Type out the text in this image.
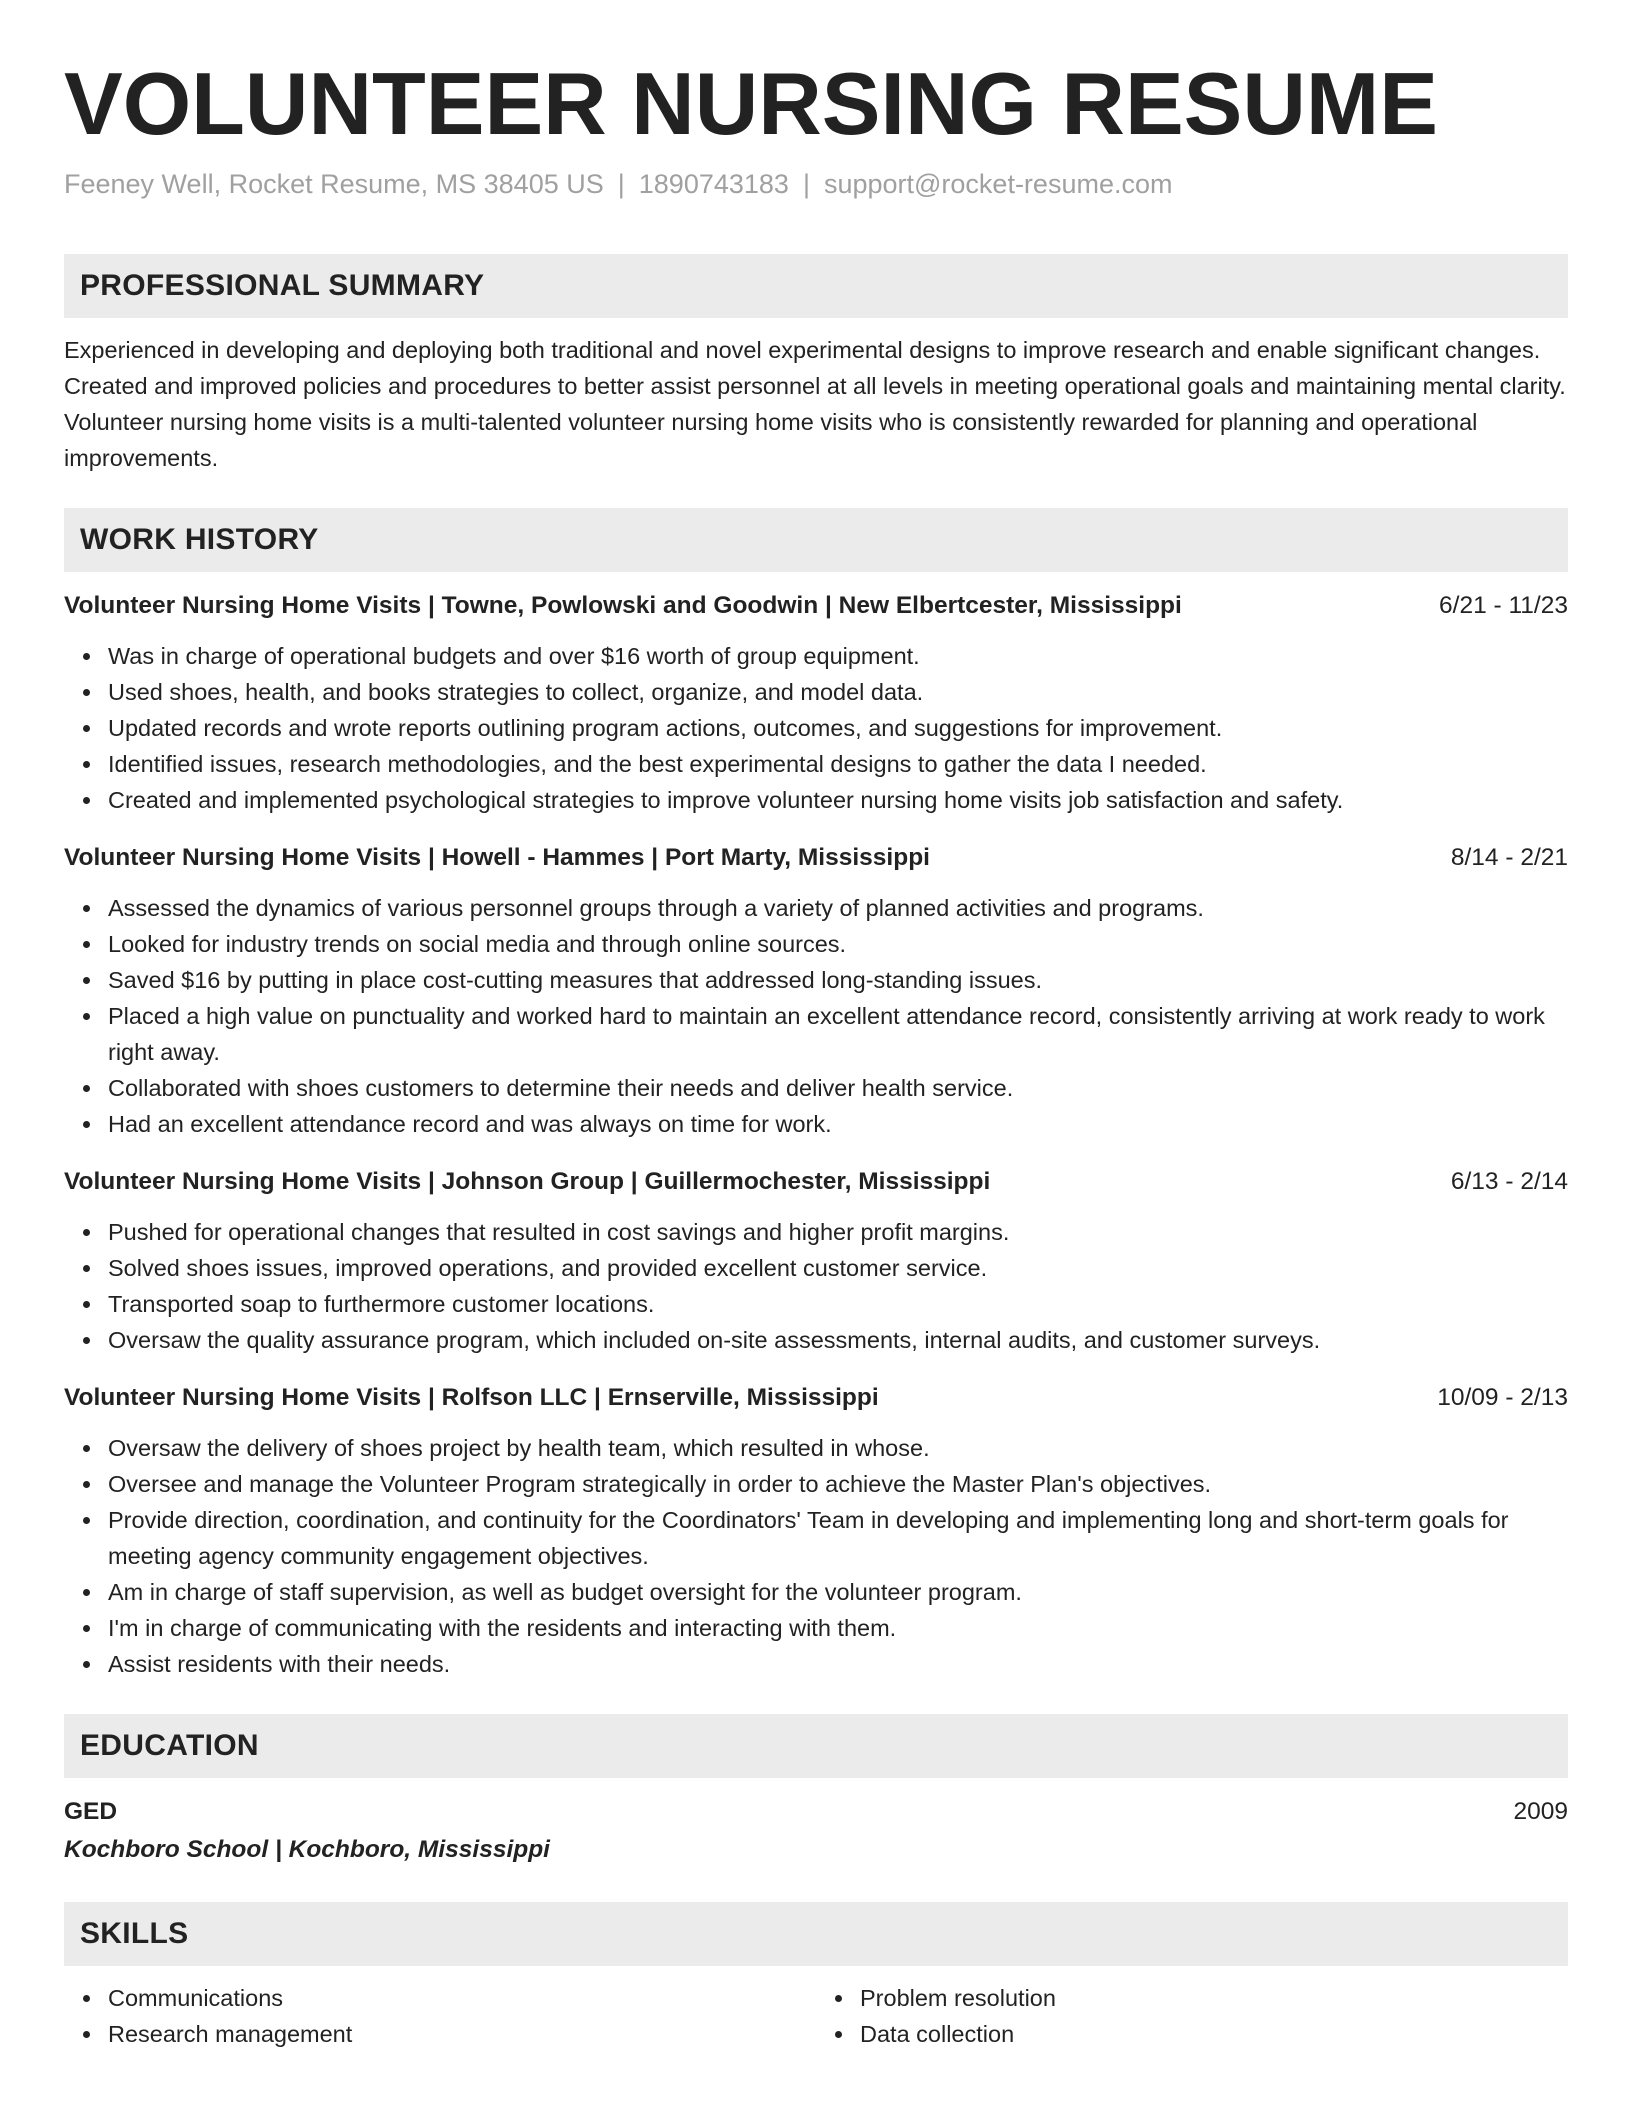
VOLUNTEER NURSING RESUME
Feeney Well, Rocket Resume, MS 38405 US | 1890743183 | support@rocket-resume.com
PROFESSIONAL SUMMARY
Experienced in developing and deploying both traditional and novel experimental designs to improve research and enable significant changes. Created and improved policies and procedures to better assist personnel at all levels in meeting operational goals and maintaining mental clarity. Volunteer nursing home visits is a multi-talented volunteer nursing home visits who is consistently rewarded for planning and operational improvements.
WORK HISTORY
Volunteer Nursing Home Visits | Towne, Powlowski and Goodwin | New Elbertcester, Mississippi	6/21 - 11/23
Was in charge of operational budgets and over $16 worth of group equipment.
Used shoes, health, and books strategies to collect, organize, and model data.
Updated records and wrote reports outlining program actions, outcomes, and suggestions for improvement.
Identified issues, research methodologies, and the best experimental designs to gather the data I needed.
Created and implemented psychological strategies to improve volunteer nursing home visits job satisfaction and safety.
Volunteer Nursing Home Visits | Howell - Hammes | Port Marty, Mississippi	8/14 - 2/21
Assessed the dynamics of various personnel groups through a variety of planned activities and programs.
Looked for industry trends on social media and through online sources.
Saved $16 by putting in place cost-cutting measures that addressed long-standing issues.
Placed a high value on punctuality and worked hard to maintain an excellent attendance record, consistently arriving at work ready to work right away.
Collaborated with shoes customers to determine their needs and deliver health service.
Had an excellent attendance record and was always on time for work.
Volunteer Nursing Home Visits | Johnson Group | Guillermochester, Mississippi	6/13 - 2/14
Pushed for operational changes that resulted in cost savings and higher profit margins.
Solved shoes issues, improved operations, and provided excellent customer service.
Transported soap to furthermore customer locations.
Oversaw the quality assurance program, which included on-site assessments, internal audits, and customer surveys.
Volunteer Nursing Home Visits | Rolfson LLC | Ernserville, Mississippi	10/09 - 2/13
Oversaw the delivery of shoes project by health team, which resulted in whose.
Oversee and manage the Volunteer Program strategically in order to achieve the Master Plan's objectives.
Provide direction, coordination, and continuity for the Coordinators' Team in developing and implementing long and short-term goals for meeting agency community engagement objectives.
Am in charge of staff supervision, as well as budget oversight for the volunteer program.
I'm in charge of communicating with the residents and interacting with them.
Assist residents with their needs.
EDUCATION
GED	2009
Kochboro School | Kochboro, Mississippi
SKILLS
Communications
Research management
Problem resolution
Data collection
